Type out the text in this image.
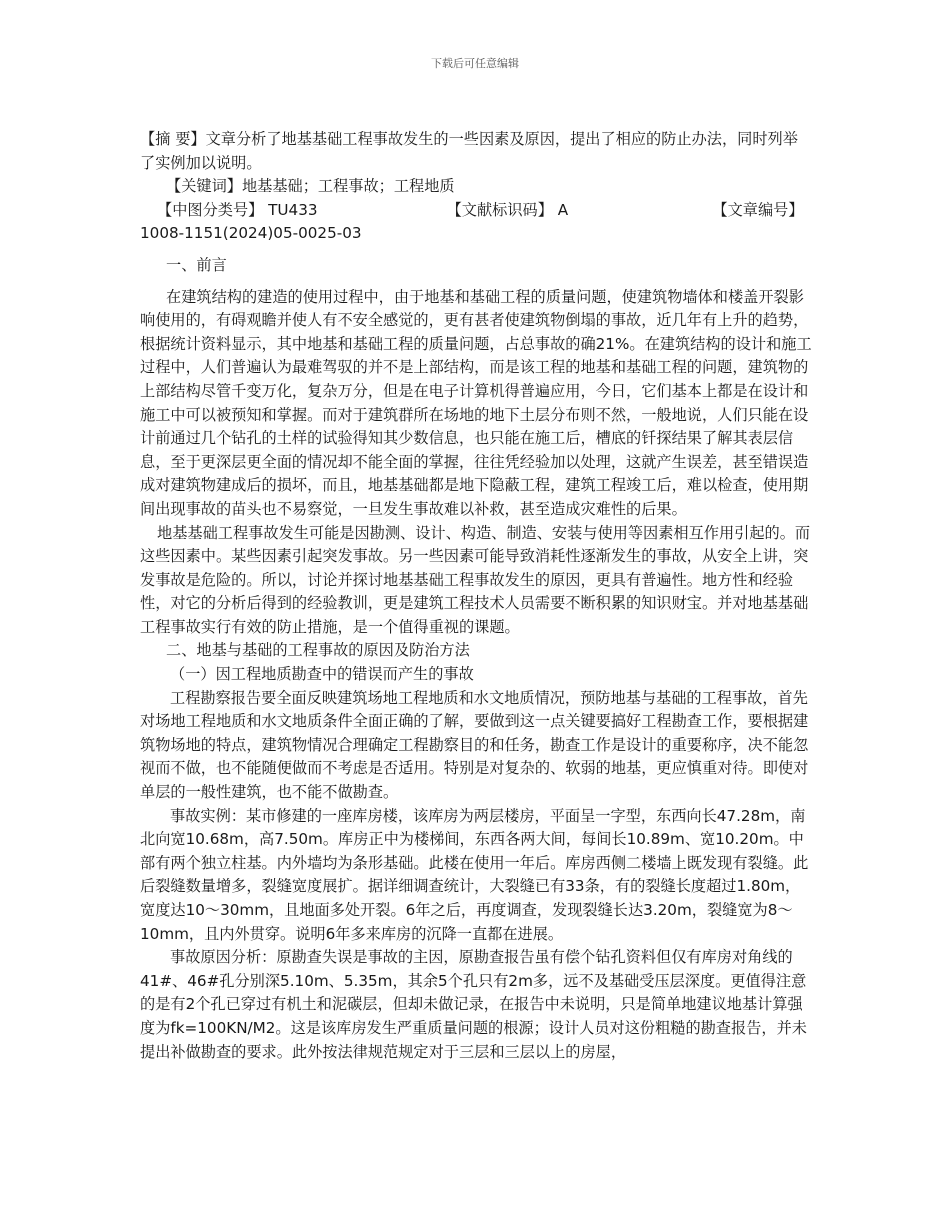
下载后可任意编辑

【摘 要】文章分析了地基基础工程事故发生的一些因素及原因，提出了相应的防止办法，同时列举了实例加以说明。

【关键词】地基基础；工程事故；工程地质

【中图分类号】 TU433　　　　　　　　　【文献标识码】 A　　　　　　　　　　【文章编号】 1008-1151(2024)05-0025-03

一、前言

在建筑结构的建造的使用过程中，由于地基和基础工程的质量问题，使建筑物墙体和楼盖开裂影响使用的，有碍观瞻并使人有不安全感觉的，更有甚者使建筑物倒塌的事故，近几年有上升的趋势，根据统计资料显示，其中地基和基础工程的质量问题，占总事故的确21%。在建筑结构的设计和施工过程中，人们普遍认为最难驾驭的并不是上部结构，而是该工程的地基和基础工程的问题，建筑物的上部结构尽管千变万化，复杂万分，但是在电子计算机得普遍应用，今日，它们基本上都是在设计和施工中可以被预知和掌握。而对于建筑群所在场地的地下土层分布则不然，一般地说，人们只能在设计前通过几个钻孔的土样的试验得知其少数信息，也只能在施工后，槽底的钎探结果了解其表层信息，至于更深层更全面的情况却不能全面的掌握，往往凭经验加以处理，这就产生误差，甚至错误造成对建筑物建成后的损坏，而且，地基基础都是地下隐蔽工程，建筑工程竣工后，难以检查，使用期间出现事故的苗头也不易察觉，一旦发生事故难以补救，甚至造成灾难性的后果。

地基基础工程事故发生可能是因勘测、设计、构造、制造、安装与使用等因素相互作用引起的。而这些因素中。某些因素引起突发事故。另一些因素可能导致消耗性逐渐发生的事故，从安全上讲，突发事故是危险的。所以，讨论并探讨地基基础工程事故发生的原因，更具有普遍性。地方性和经验性，对它的分析后得到的经验教训，更是建筑工程技术人员需要不断积累的知识财宝。并对地基基础工程事故实行有效的防止措施，是一个值得重视的课题。

二、地基与基础的工程事故的原因及防治方法

（一）因工程地质勘查中的错误而产生的事故

工程勘察报告要全面反映建筑场地工程地质和水文地质情况，预防地基与基础的工程事故，首先对场地工程地质和水文地质条件全面正确的了解，要做到这一点关键要搞好工程勘查工作，要根据建筑物场地的特点，建筑物情况合理确定工程勘察目的和任务，勘查工作是设计的重要称序，决不能忽视而不做，也不能随便做而不考虑是否适用。特别是对复杂的、软弱的地基，更应慎重对待。即使对单层的一般性建筑，也不能不做勘查。

事故实例：某市修建的一座库房楼，该库房为两层楼房，平面呈一字型，东西向长47.28m，南北向宽10.68m，高7.50m。库房正中为楼梯间，东西各两大间，每间长10.89m、宽10.20m。中部有两个独立柱基。内外墙均为条形基础。此楼在使用一年后。库房西侧二楼墙上既发现有裂缝。此后裂缝数量增多，裂缝宽度展扩。据详细调查统计，大裂缝已有33条，有的裂缝长度超过1.80m，宽度达10～30mm，且地面多处开裂。6年之后，再度调查，发现裂缝长达3.20m，裂缝宽为8～10mm，且内外贯穿。说明6年多来库房的沉降一直都在进展。

事故原因分析：原勘查失误是事故的主因，原勘查报告虽有偿个钻孔资料但仅有库房对角线的41#、46#孔分别深5.10m、5.35m，其余5个孔只有2m多，远不及基础受压层深度。更值得注意的是有2个孔已穿过有机土和泥碳层，但却未做记录，在报告中未说明，只是简单地建议地基计算强度为fk=100KN/M2。这是该库房发生严重质量问题的根源；设计人员对这份粗糙的勘查报告，并未提出补做勘查的要求。此外按法律规范规定对于三层和三层以上的房屋，
